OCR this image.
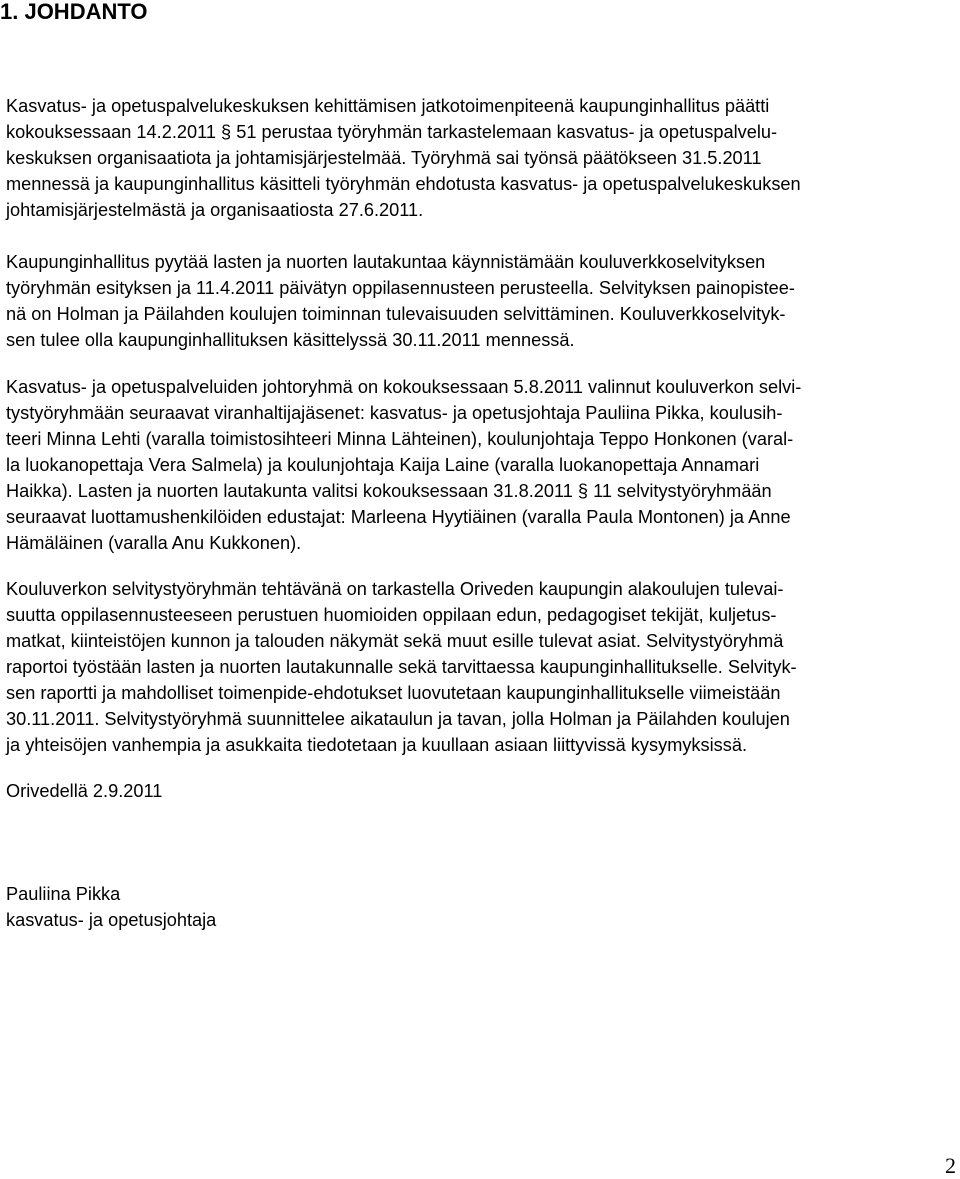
1. JOHDANTO
Kasvatus- ja opetuspalvelukeskuksen kehittämisen jatkotoimenpiteenä kaupunginhallitus päätti
kokouksessaan 14.2.2011 § 51 perustaa työryhmän tarkastelemaan kasvatus- ja opetuspalvelu-
keskuksen organisaatiota ja johtamisjärjestelmää. Työryhmä sai työnsä päätökseen 31.5.2011
mennessä ja kaupunginhallitus käsitteli työryhmän ehdotusta kasvatus- ja opetuspalvelukeskuksen
johtamisjärjestelmästä ja organisaatiosta 27.6.2011.
Kaupunginhallitus pyytää lasten ja nuorten lautakuntaa käynnistämään kouluverkkoselvityksen
työryhmän esityksen ja 11.4.2011 päivätyn oppilasennusteen perusteella. Selvityksen painopistee-
nä on Holman ja Päilahden koulujen toiminnan tulevaisuuden selvittäminen. Kouluverkkoselvityk-
sen tulee olla kaupunginhallituksen käsittelyssä 30.11.2011 mennessä.
Kasvatus- ja opetuspalveluiden johtoryhmä on kokouksessaan 5.8.2011 valinnut kouluverkon selvi-
tystyöryhmään seuraavat viranhaltijajäsenet: kasvatus- ja opetusjohtaja Pauliina Pikka, koulusih-
teeri Minna Lehti (varalla toimistosihteeri Minna Lähteinen), koulunjohtaja Teppo Honkonen (varal-
la luokanopettaja Vera Salmela) ja koulunjohtaja Kaija Laine (varalla luokanopettaja Annamari
Haikka). Lasten ja nuorten lautakunta valitsi kokouksessaan 31.8.2011 § 11 selvitystyöryhmään
seuraavat luottamushenkilöiden edustajat: Marleena Hyytiäinen (varalla Paula Montonen) ja Anne
Hämäläinen (varalla Anu Kukkonen).
Kouluverkon selvitystyöryhmän tehtävänä on tarkastella Oriveden kaupungin alakoulujen tulevai-
suutta oppilasennusteeseen perustuen huomioiden oppilaan edun, pedagogiset tekijät, kuljetus-
matkat, kiinteistöjen kunnon ja talouden näkymät sekä muut esille tulevat asiat. Selvitystyöryhmä
raportoi työstään lasten ja nuorten lautakunnalle sekä tarvittaessa kaupunginhallitukselle. Selvityk-
sen raportti ja mahdolliset toimenpide-ehdotukset luovutetaan kaupunginhallitukselle viimeistään
30.11.2011. Selvitystyöryhmä suunnittelee aikataulun ja tavan, jolla Holman ja Päilahden koulujen
ja yhteisöjen vanhempia ja asukkaita tiedotetaan ja kuullaan asiaan liittyvissä kysymyksissä.
Orivedellä 2.9.2011
Pauliina Pikka
kasvatus- ja opetusjohtaja
2
